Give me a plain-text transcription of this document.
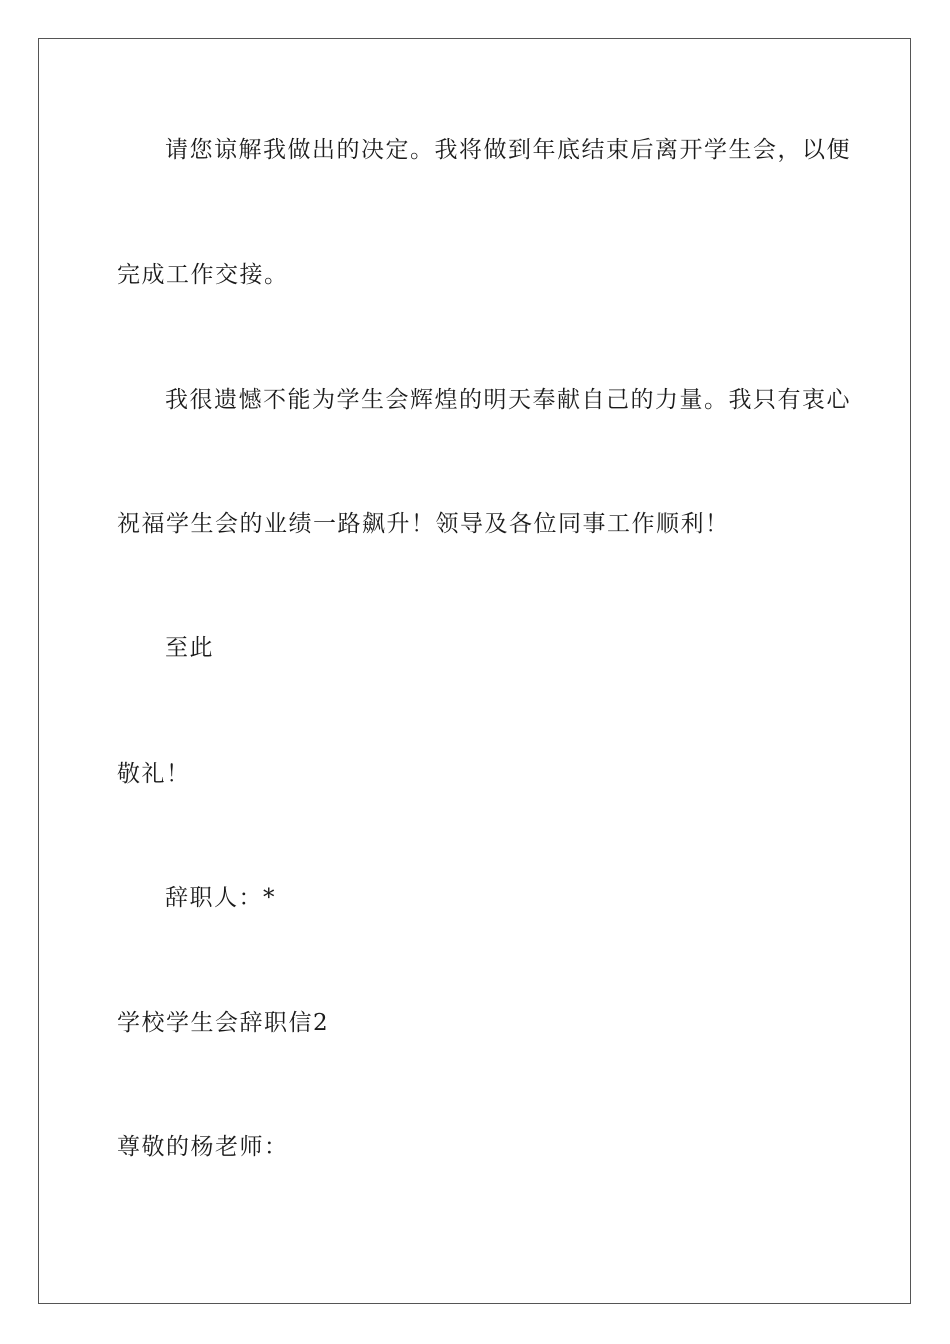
请您谅解我做出的决定。我将做到年底结束后离开学生会，以便
完成工作交接。
我很遗憾不能为学生会辉煌的明天奉献自己的力量。我只有衷心
祝福学生会的业绩一路飙升！领导及各位同事工作顺利！
至此
敬礼！
辞职人：*
学校学生会辞职信2
尊敬的杨老师：
